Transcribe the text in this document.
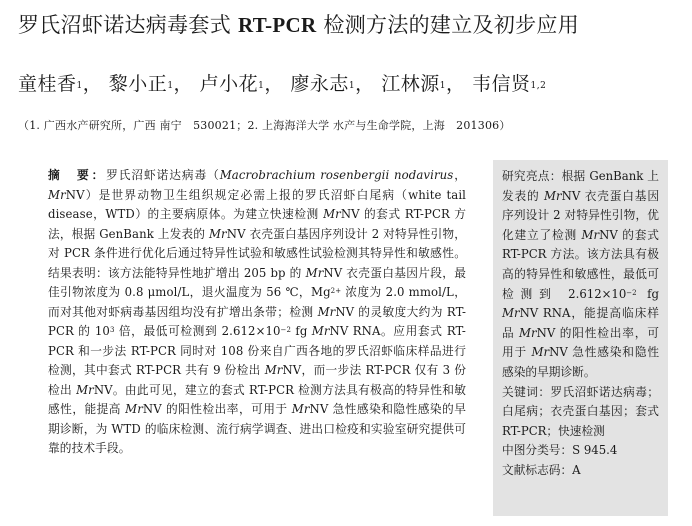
罗氏沼虾诺达病毒套式 RT-PCR 检测方法的建立及初步应用
童桂香$^1$， 黎小正$^1$， 卢小花$^1$， 廖永志$^1$， 江林源$^1$， 韦信贤$^{1,2}$
（1. 广西水产研究所，广西 南宁　530021；2. 上海海洋大学 水产与生命学院，上海　201306）
摘　要：罗氏沼虾诺达病毒（Macrobrachium rosenbergii nodavirus，MrNV）是世界动物卫生组织规定必需上报的罗氏沼虾白尾病（white tail disease，WTD）的主要病原体。为建立快速检测 MrNV 的套式 RT-PCR 方法，根据 GenBank 上发表的 MrNV 衣壳蛋白基因序列设计 2 对特异性引物，对 PCR 条件进行优化后通过特异性试验和敏感性试验检测其特异性和敏感性。结果表明：该方法能特异性地扩增出 205 bp 的 MrNV 衣壳蛋白基因片段，最佳引物浓度为 0.8 μmol/L，退火温度为 56 ℃，$Mg^{2+}$ 浓度为 2.0 mmol/L，而对其他对虾病毒基因组均没有扩增出条带；检测 MrNV 的灵敏度大约为 RT-PCR 的 $10^3$ 倍，最低可检测到 $2.612\times 10^{-2}$ fg MrNV RNA。应用套式 RT-PCR 和一步法 RT-PCR 同时对 108 份来自广西各地的罗氏沼虾临床样品进行检测，其中套式 RT-PCR 共有 9 份检出 MrNV，而一步法 RT-PCR 仅有 3 份检出 MrNV。由此可见，建立的套式 RT-PCR 检测方法具有极高的特异性和敏感性，能提高 MrNV 的阳性检出率，可用于 MrNV 急性感染和隐性感染的早期诊断，为 WTD 的临床检测、流行病学调查、进出口检疫和实验室研究提供可靠的技术手段。

研究亮点：根据 GenBank 上发表的 MrNV 衣壳蛋白基因序列设计 2 对特异性引物，优化建立了检测 MrNV 的套式 RT-PCR 方法。该方法具有极高的特异性和敏感性，最低可检测到 $2.612\times 10^{-2}$ fg MrNV RNA，能提高临床样品 MrNV 的阳性检出率，可用于 MrNV 急性感染和隐性感染的早期诊断。

关键词：罗氏沼虾诺达病毒；白尾病；衣壳蛋白基因；套式 RT-PCR；快速检测

中图分类号：S 945.4

文献标志码：A
